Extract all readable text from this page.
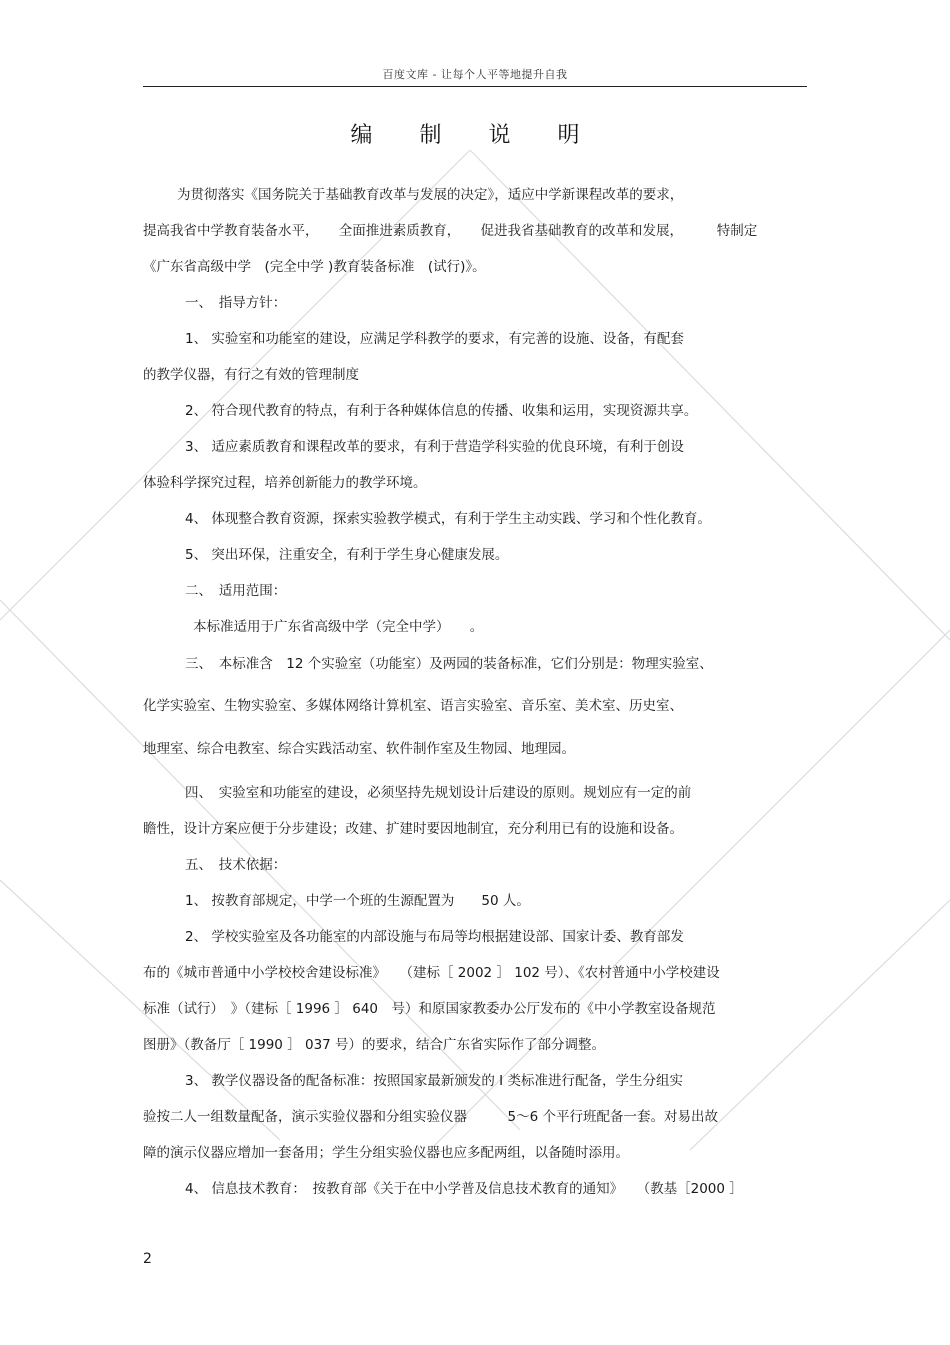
百度文库 - 让每个人平等地提升自我
编 制 说 明
为贯彻落实《国务院关于基础教育改革与发展的决定》，适应中学新课程改革的要求，
提高我省中学教育装备水平，　　全面推进素质教育，　　促进我省基础教育的改革和发展，　　　特制定
《广东省高级中学　(完全中学 )教育装备标准　(试行)》。
一、　指导方针：
1、 实验室和功能室的建设，应满足学科教学的要求，有完善的设施、设备，有配套
的教学仪器，有行之有效的管理制度
2、 符合现代教育的特点，有利于各种媒体信息的传播、收集和运用，实现资源共享。
3、 适应素质教育和课程改革的要求，有利于营造学科实验的优良环境，有利于创设
体验科学探究过程，培养创新能力的教学环境。
4、 体现整合教育资源，探索实验教学模式，有利于学生主动实践、学习和个性化教育。
5、 突出环保，注重安全，有利于学生身心健康发展。
二、　适用范围：
本标准适用于广东省高级中学（完全中学）　　。
三、　本标准含　12 个实验室（功能室）及两园的装备标准，它们分别是：物理实验室、
化学实验室、生物实验室、多媒体网络计算机室、语言实验室、音乐室、美术室、历史室、
地理室、综合电教室、综合实践活动室、软件制作室及生物园、地理园。
四、　实验室和功能室的建设，必须坚持先规划设计后建设的原则。规划应有一定的前
瞻性，设计方案应便于分步建设；改建、扩建时要因地制宜，充分利用已有的设施和设备。
五、　技术依据：
1、 按教育部规定，中学一个班的生源配置为　　50 人。
2、 学校实验室及各功能室的内部设施与布局等均根据建设部、国家计委、教育部发
布的《城市普通中小学校校舍建设标准》　　（建标［ 2002 ］ 102 号）、《农村普通中小学校建设
标准（试行）　》（建标［ 1996 ］ 640　号）和原国家教委办公厅发布的《中小学教室设备规范
图册》（教备厅［ 1990 ］ 037 号）的要求，结合广东省实际作了部分调整。
3、 教学仪器设备的配备标准：按照国家最新颁发的 I 类标准进行配备，学生分组实
验按二人一组数量配备，演示实验仪器和分组实验仪器　　　5～6 个平行班配备一套。对易出故
障的演示仪器应增加一套备用；学生分组实验仪器也应多配两组，以备随时添用。
4、 信息技术教育：　按教育部《关于在中小学普及信息技术教育的通知》　　（教基［2000 ］
2
